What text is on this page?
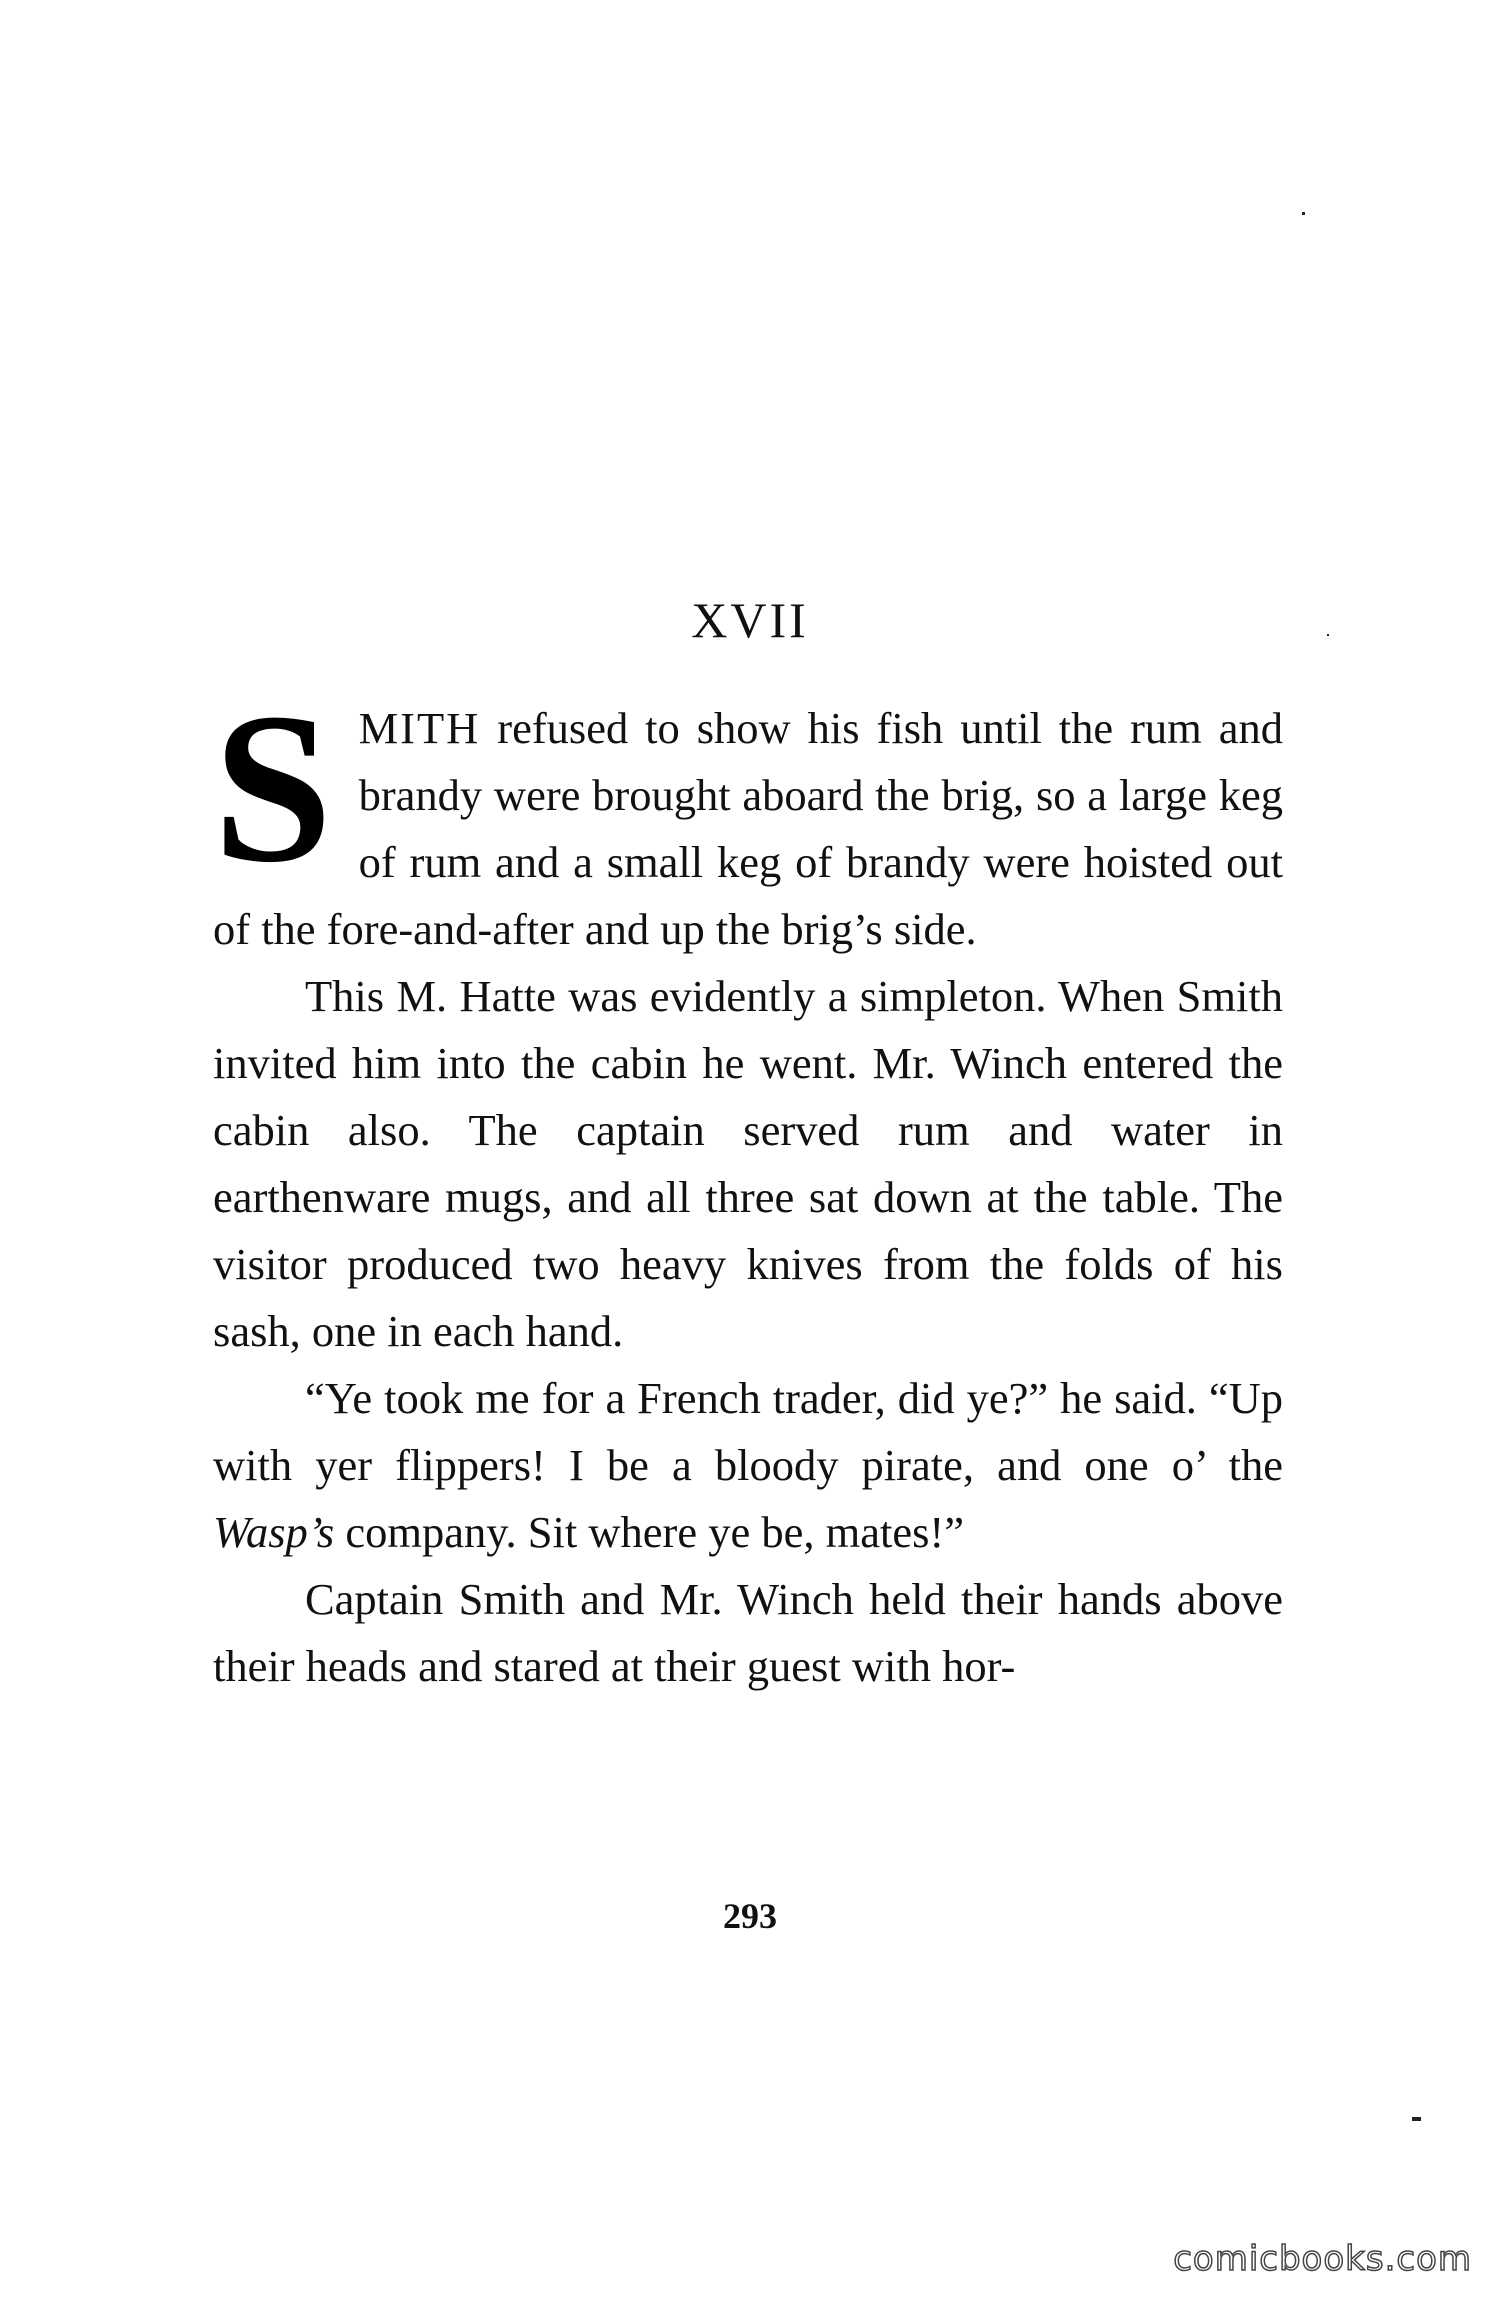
XVII

SMITH refused to show his fish until the rum and brandy were brought aboard the brig, so a large keg of rum and a small keg of brandy were hoisted out of the fore-and-after and up the brig’s side.

This M. Hatte was evidently a simpleton. When Smith invited him into the cabin he went. Mr. Winch entered the cabin also. The captain served rum and water in earthenware mugs, and all three sat down at the table. The visitor produced two heavy knives from the folds of his sash, one in each hand.

“Ye took me for a French trader, did ye?” he said. “Up with yer flippers! I be a bloody pirate, and one o’ the Wasp’s company. Sit where ye be, mates!”

Captain Smith and Mr. Winch held their hands above their heads and stared at their guest with hor-

293
comicbooks.com
